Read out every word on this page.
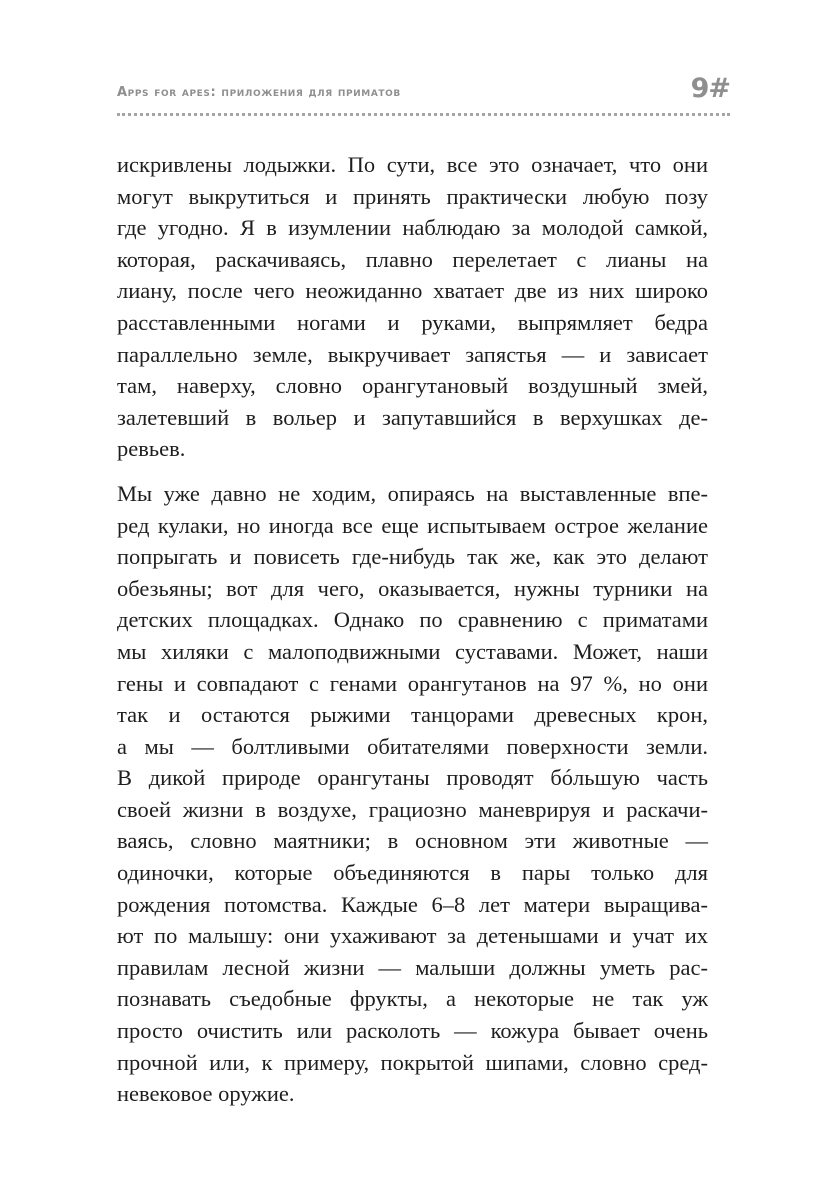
Apps for apes: приложения для приматов	9#
искривлены лодыжки. По сути, все это означает, что они
могут выкрутиться и принять практически любую позу
где угодно. Я в изумлении наблюдаю за молодой самкой,
которая, раскачиваясь, плавно перелетает с лианы на
лиану, после чего неожиданно хватает две из них широко
расставленными ногами и руками, выпрямляет бедра
параллельно земле, выкручивает запястья — и зависает
там, наверху, словно орангутановый воздушный змей,
залетевший в вольер и запутавшийся в верхушках де-
ревьев.
Мы уже давно не ходим, опираясь на выставленные впе-
ред кулаки, но иногда все еще испытываем острое желание
попрыгать и повисеть где-нибудь так же, как это делают
обезьяны; вот для чего, оказывается, нужны турники на
детских площадках. Однако по сравнению с приматами
мы хиляки с малоподвижными суставами. Может, наши
гены и совпадают с генами орангутанов на 97 %, но они
так и остаются рыжими танцорами древесных крон,
а мы — болтливыми обитателями поверхности земли.
В дикой природе орангутаны проводят бóльшую часть
своей жизни в воздухе, грациозно маневрируя и раскачи-
ваясь, словно маятники; в основном эти животные —
одиночки, которые объединяются в пары только для
рождения потомства. Каждые 6–8 лет матери выращива-
ют по малышу: они ухаживают за детенышами и учат их
правилам лесной жизни — малыши должны уметь рас-
познавать съедобные фрукты, а некоторые не так уж
просто очистить или расколоть — кожура бывает очень
прочной или, к примеру, покрытой шипами, словно сред-
невековое оружие.
